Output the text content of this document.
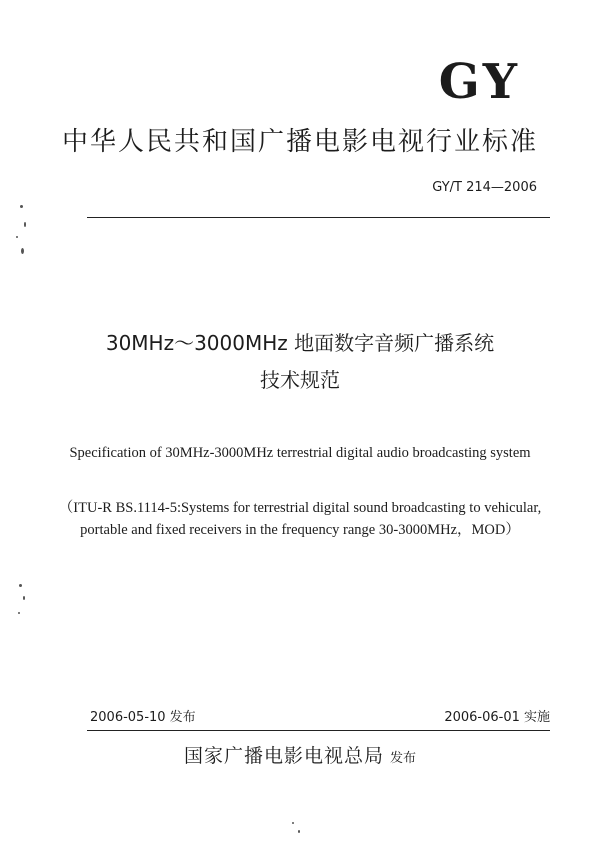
GY
中华人民共和国广播电影电视行业标准
GY/T 214—2006
30MHz～3000MHz 地面数字音频广播系统
技术规范
Specification of 30MHz-3000MHz terrestrial digital audio broadcasting system
（ITU-R BS.1114-5:Systems for terrestrial digital sound broadcasting to vehicular,
portable and fixed receivers in the frequency range 30-3000MHz，MOD）
2006-05-10 发布	2006-06-01 实施
国家广播电影电视总局 发布
